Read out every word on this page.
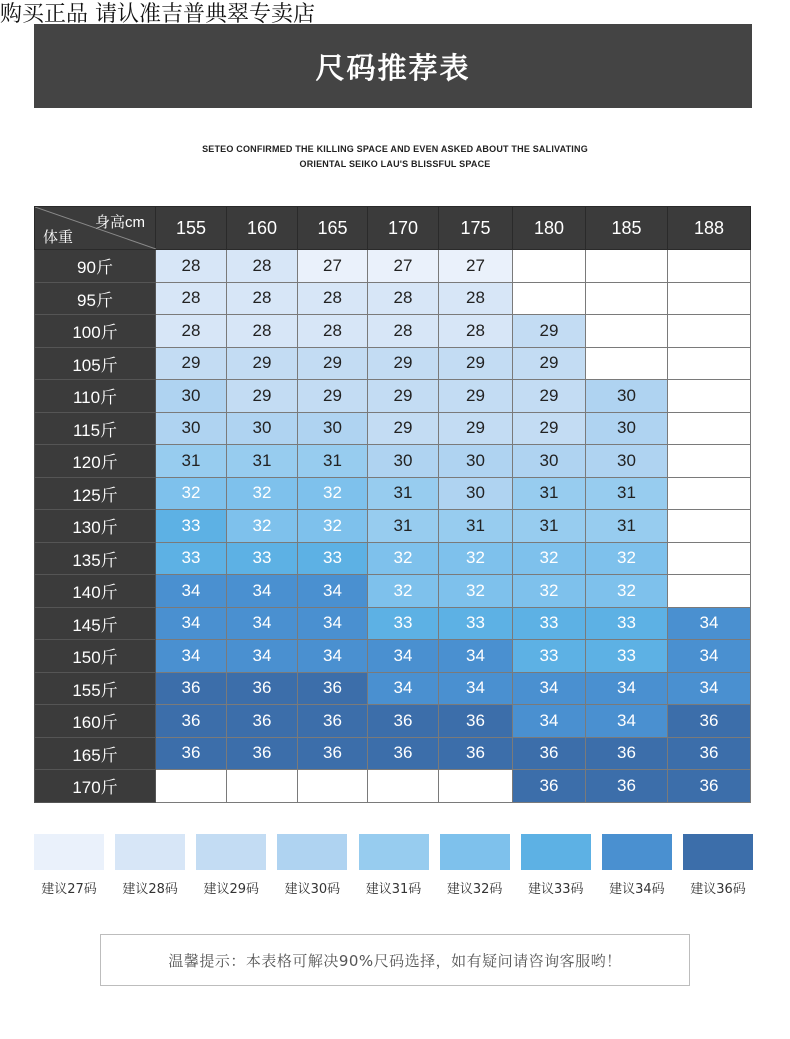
购买正品 请认准吉普典翠专卖店
尺码推荐表
SETEO CONFIRMED THE KILLING SPACE AND EVEN ASKED ABOUT THE SALIVATING
ORIENTAL SEIKO LAU'S BLISSFUL SPACE
身高cm
体重	155	160	165	170	175	180	185	188
90斤	28	28	27	27	27			
95斤	28	28	28	28	28			
100斤	28	28	28	28	28	29		
105斤	29	29	29	29	29	29		
110斤	30	29	29	29	29	29	30	
115斤	30	30	30	29	29	29	30	
120斤	31	31	31	30	30	30	30	
125斤	32	32	32	31	30	31	31	
130斤	33	32	32	31	31	31	31	
135斤	33	33	33	32	32	32	32	
140斤	34	34	34	32	32	32	32	
145斤	34	34	34	33	33	33	33	34
150斤	34	34	34	34	34	33	33	34
155斤	36	36	36	34	34	34	34	34
160斤	36	36	36	36	36	34	34	36
165斤	36	36	36	36	36	36	36	36
170斤						36	36	36
建议27码 建议28码 建议29码 建议30码 建议31码 建议32码 建议33码 建议34码 建议36码
温馨提示：本表格可解决90%尺码选择，如有疑问请咨询客服哟！
